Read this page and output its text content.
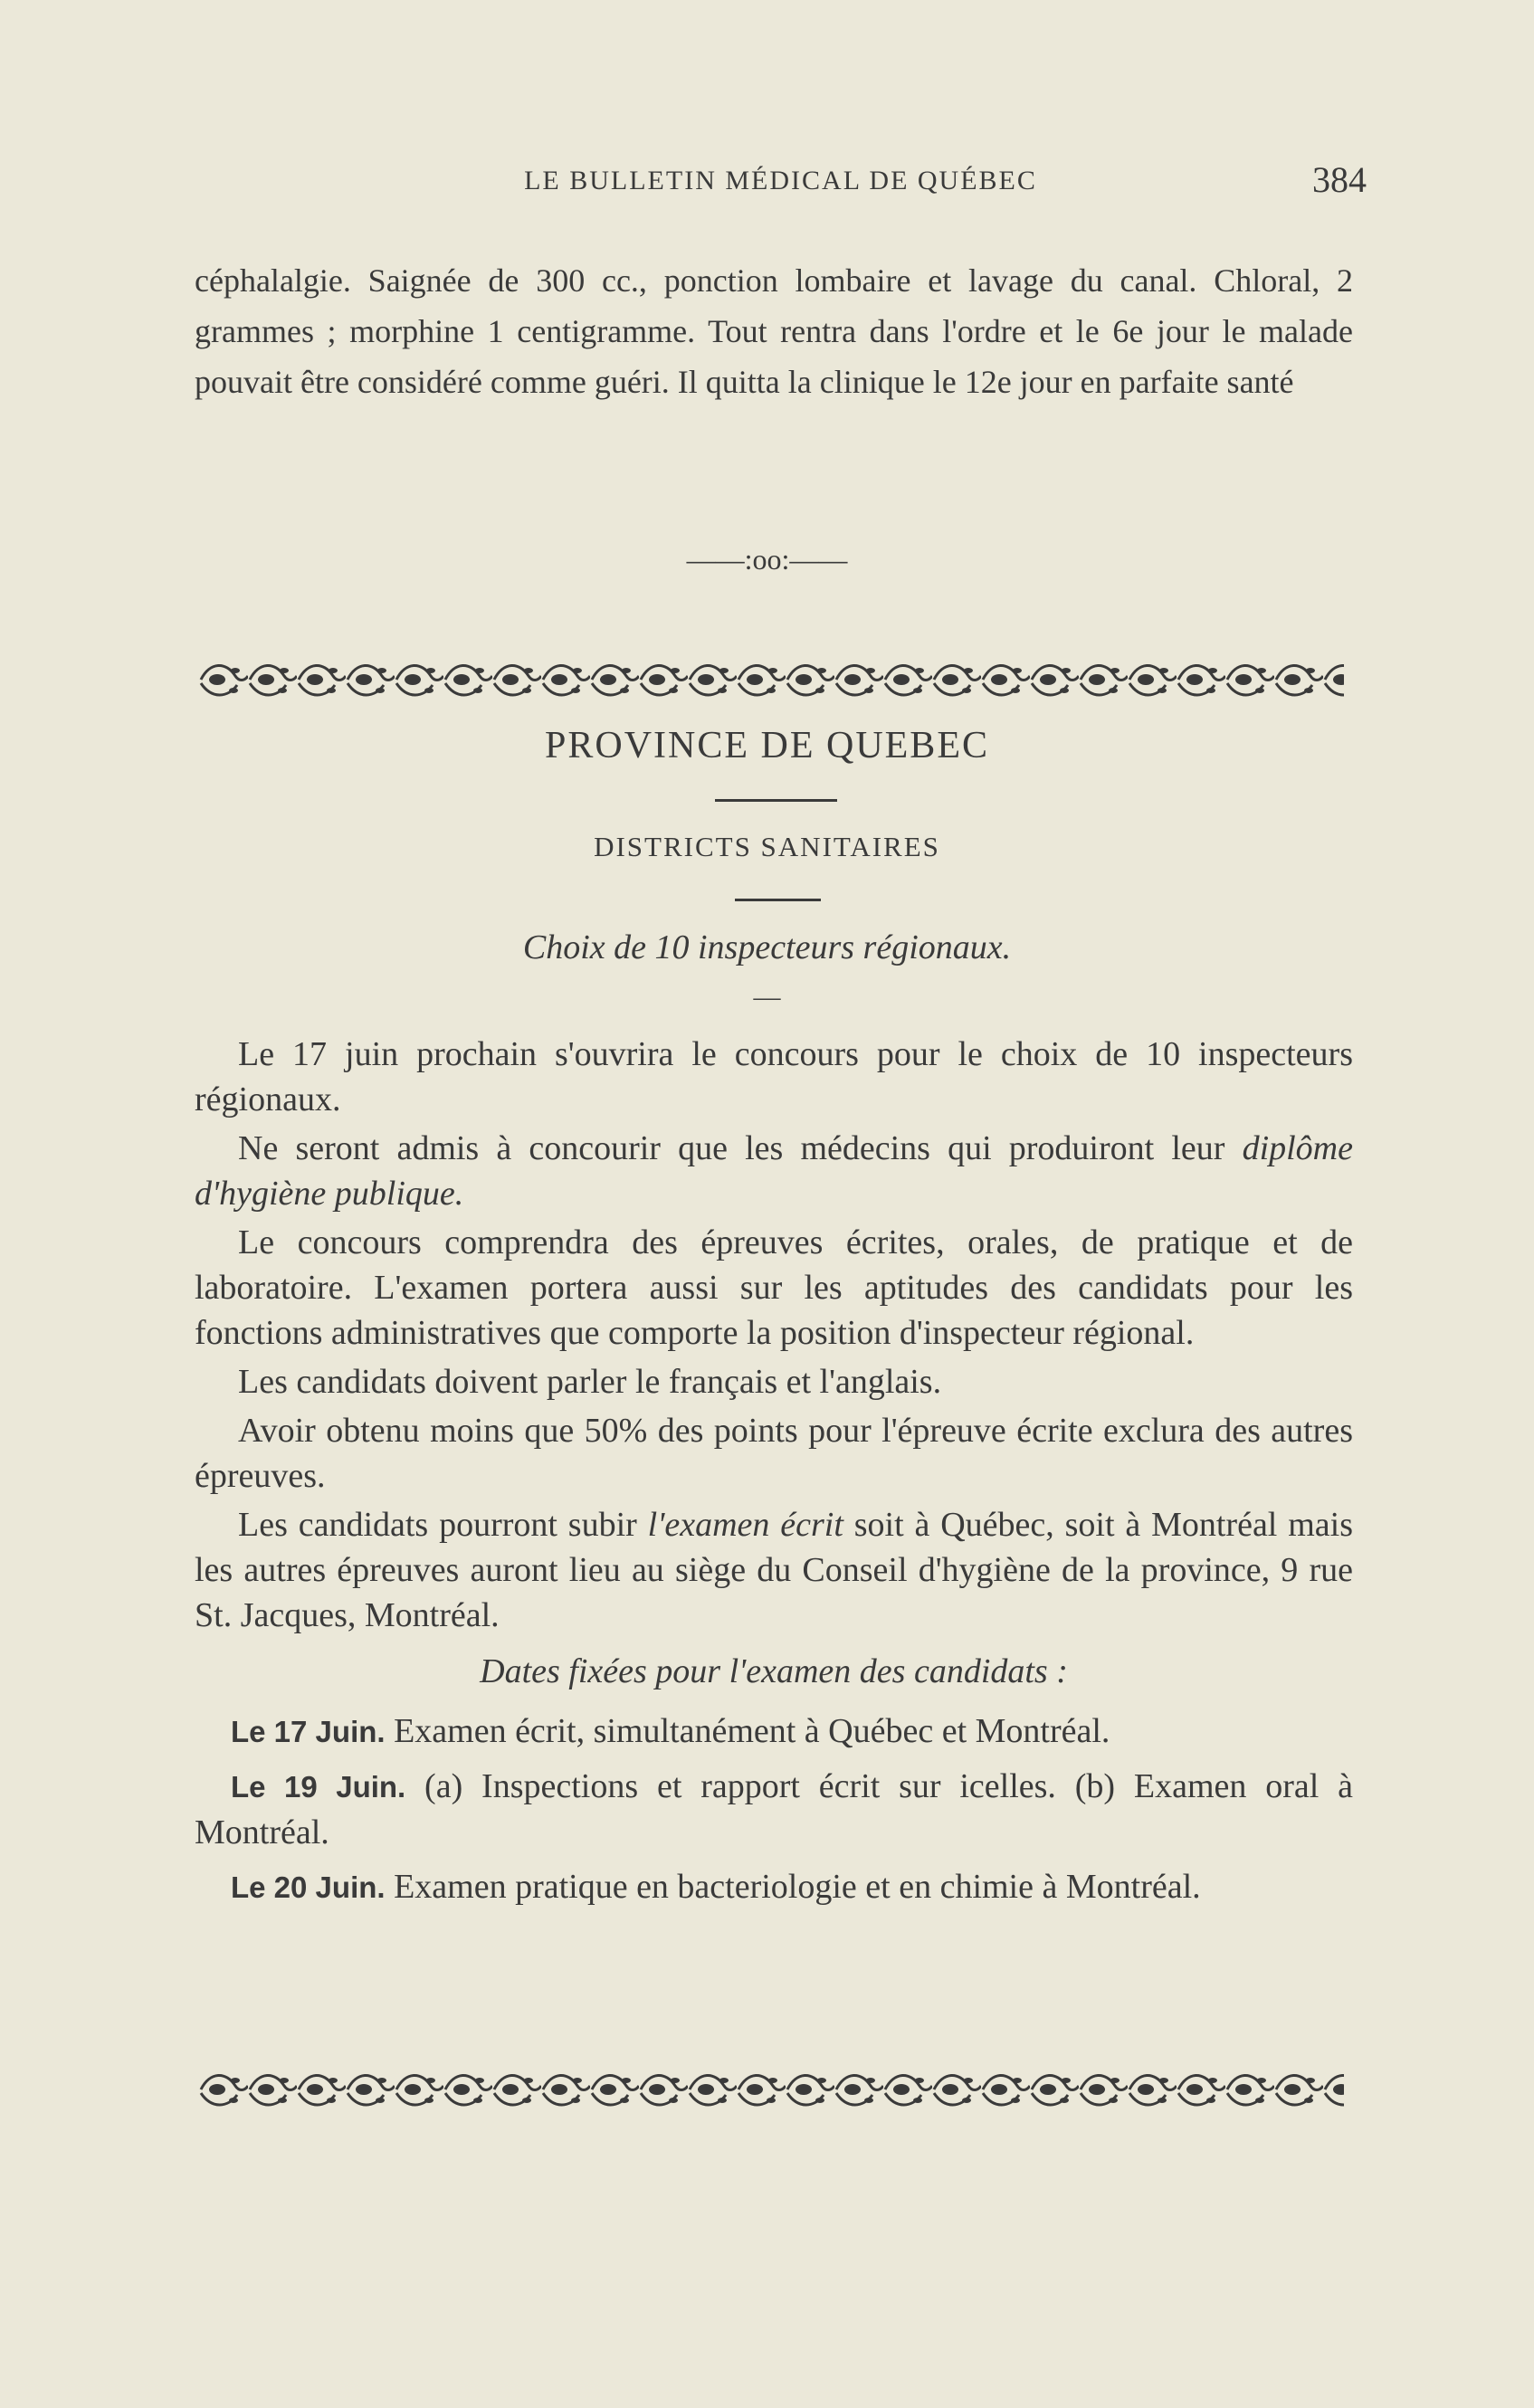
LE BULLETIN MÉDICAL DE QUÉBEC	384

céphalalgie. Saignée de 300 cc., ponction lombaire et lavage du canal. Chloral, 2 grammes ; morphine 1 centigramme. Tout rentra dans l'ordre et le 6e jour le malade pouvait être considéré comme guéri. Il quitta la clinique le 12e jour en parfaite santé

——:oo:——
PROVINCE DE QUEBEC
DISTRICTS SANITAIRES
Choix de 10 inspecteurs régionaux.
—

Le 17 juin prochain s'ouvrira le concours pour le choix de 10 inspecteurs régionaux.

Ne seront admis à concourir que les médecins qui produiront leur diplôme d'hygiène publique.

Le concours comprendra des épreuves écrites, orales, de pratique et de laboratoire. L'examen portera aussi sur les aptitudes des candidats pour les fonctions administratives que comporte la position d'inspecteur régional.

Les candidats doivent parler le français et l'anglais.

Avoir obtenu moins que 50% des points pour l'épreuve écrite exclura des autres épreuves.

Les candidats pourront subir l'examen écrit soit à Québec, soit à Montréal mais les autres épreuves auront lieu au siège du Conseil d'hygiène de la province, 9 rue St. Jacques, Montréal.

Dates fixées pour l'examen des candidats :

Le 17 Juin. Examen écrit, simultanément à Québec et Montréal.

Le 19 Juin. (a) Inspections et rapport écrit sur icelles. (b) Examen oral à Montréal.

Le 20 Juin. Examen pratique en bacteriologie et en chimie à Montréal.
